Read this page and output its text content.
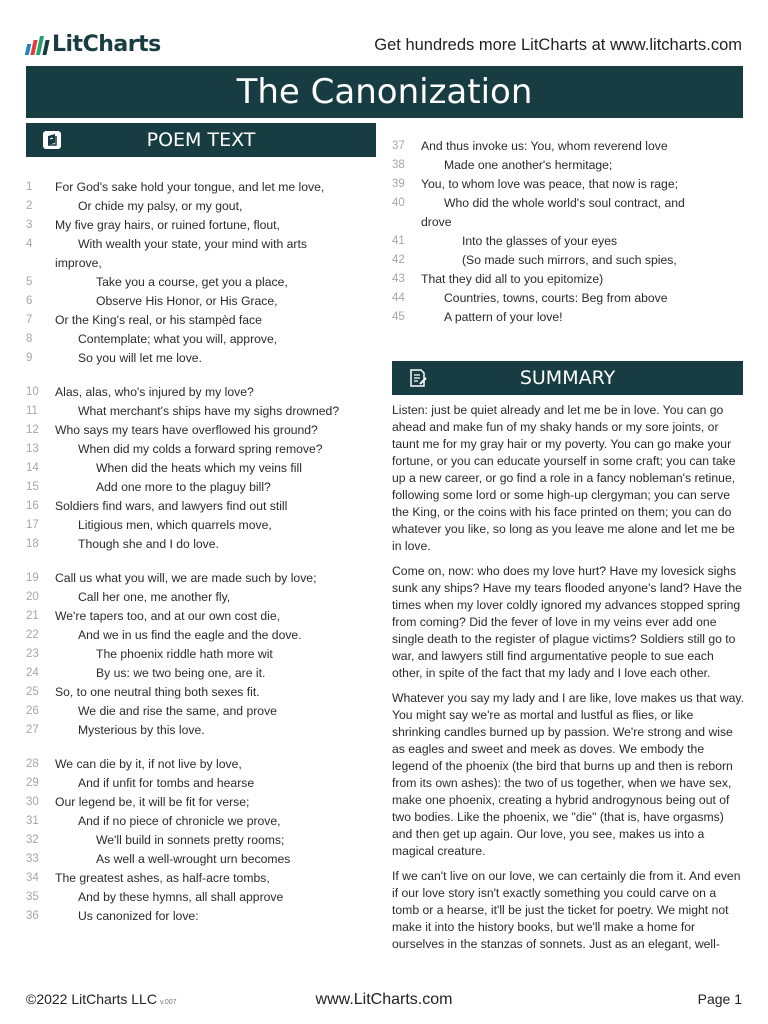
LitCharts	Get hundreds more LitCharts at www.litcharts.com
The Canonization
POEM TEXT
1	For God's sake hold your tongue, and let me love,
2	Or chide my palsy, or my gout,
3	My five gray hairs, or ruined fortune, flout,
4	With wealth your state, your mind with arts
improve,
5	Take you a course, get you a place,
6	Observe His Honor, or His Grace,
7	Or the King's real, or his stampèd face
8	Contemplate; what you will, approve,
9	So you will let me love.
10	Alas, alas, who's injured by my love?
11	What merchant's ships have my sighs drowned?
12	Who says my tears have overflowed his ground?
13	When did my colds a forward spring remove?
14	When did the heats which my veins fill
15	Add one more to the plaguy bill?
16	Soldiers find wars, and lawyers find out still
17	Litigious men, which quarrels move,
18	Though she and I do love.
19	Call us what you will, we are made such by love;
20	Call her one, me another fly,
21	We're tapers too, and at our own cost die,
22	And we in us find the eagle and the dove.
23	The phoenix riddle hath more wit
24	By us: we two being one, are it.
25	So, to one neutral thing both sexes fit.
26	We die and rise the same, and prove
27	Mysterious by this love.
28	We can die by it, if not live by love,
29	And if unfit for tombs and hearse
30	Our legend be, it will be fit for verse;
31	And if no piece of chronicle we prove,
32	We'll build in sonnets pretty rooms;
33	As well a well-wrought urn becomes
34	The greatest ashes, as half-acre tombs,
35	And by these hymns, all shall approve
36	Us canonized for love:
37	And thus invoke us: You, whom reverend love
38	Made one another's hermitage;
39	You, to whom love was peace, that now is rage;
40	Who did the whole world's soul contract, and
drove
41	Into the glasses of your eyes
42	(So made such mirrors, and such spies,
43	That they did all to you epitomize)
44	Countries, towns, courts: Beg from above
45	A pattern of your love!
SUMMARY

Listen: just be quiet already and let me be in love. You can go ahead and make fun of my shaky hands or my sore joints, or taunt me for my gray hair or my poverty. You can go make your fortune, or you can educate yourself in some craft; you can take up a new career, or go find a role in a fancy nobleman's retinue, following some lord or some high-up clergyman; you can serve the King, or the coins with his face printed on them; you can do whatever you like, so long as you leave me alone and let me be in love.

Come on, now: who does my love hurt? Have my lovesick sighs sunk any ships? Have my tears flooded anyone's land? Have the times when my lover coldly ignored my advances stopped spring from coming? Did the fever of love in my veins ever add one single death to the register of plague victims? Soldiers still go to war, and lawyers still find argumentative people to sue each other, in spite of the fact that my lady and I love each other.

Whatever you say my lady and I are like, love makes us that way. You might say we're as mortal and lustful as flies, or like shrinking candles burned up by passion. We're strong and wise as eagles and sweet and meek as doves. We embody the legend of the phoenix (the bird that burns up and then is reborn from its own ashes): the two of us together, when we have sex, make one phoenix, creating a hybrid androgynous being out of two bodies. Like the phoenix, we "die" (that is, have orgasms) and then get up again. Our love, you see, makes us into a magical creature.

If we can't live on our love, we can certainly die from it. And even if our love story isn't exactly something you could carve on a tomb or a hearse, it'll be just the ticket for poetry. We might not make it into the history books, but we'll make a home for ourselves in the stanzas of sonnets. Just as an elegant, well-

©2022 LitCharts LLC v.007	www.LitCharts.com	Page 1
